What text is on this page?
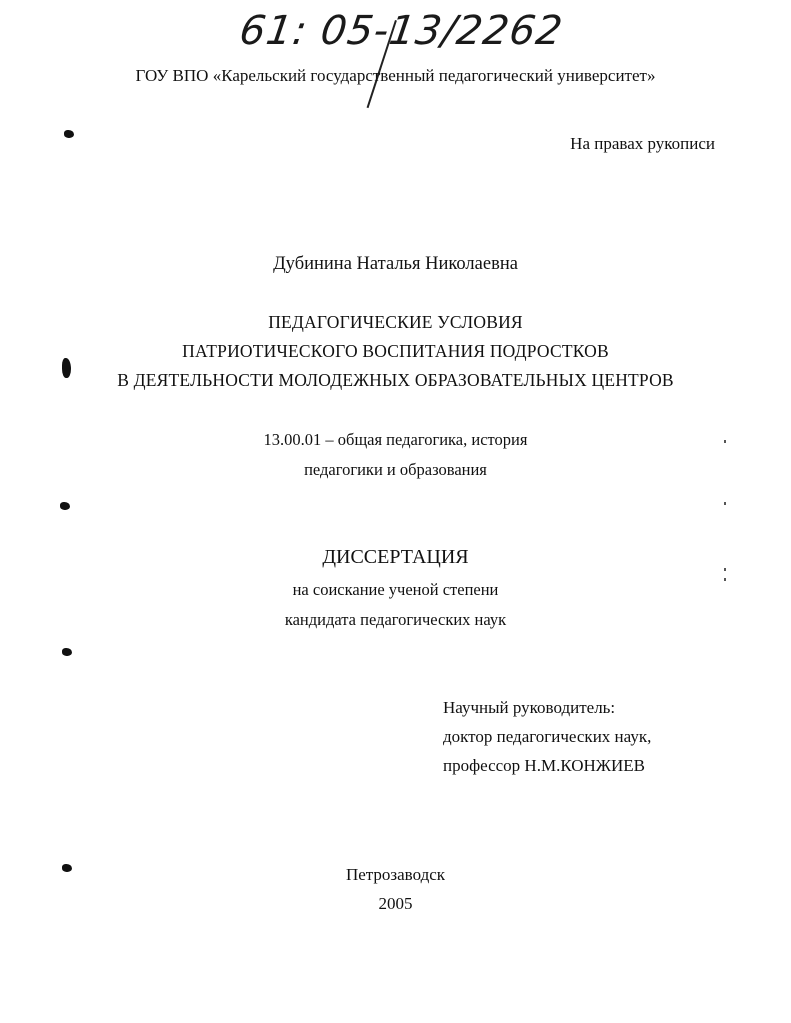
61: 05-13/2262
ГОУ ВПО «Карельский государственный педагогический университет»
На правах рукописи
Дубинина Наталья Николаевна
ПЕДАГОГИЧЕСКИЕ УСЛОВИЯ
ПАТРИОТИЧЕСКОГО ВОСПИТАНИЯ ПОДРОСТКОВ
В ДЕЯТЕЛЬНОСТИ МОЛОДЕЖНЫХ ОБРАЗОВАТЕЛЬНЫХ ЦЕНТРОВ
13.00.01 – общая педагогика, история
педагогики и образования
ДИССЕРТАЦИЯ
на соискание ученой степени
кандидата педагогических наук
Научный руководитель:
доктор педагогических наук,
профессор Н.М.КОНЖИЕВ
Петрозаводск
2005
